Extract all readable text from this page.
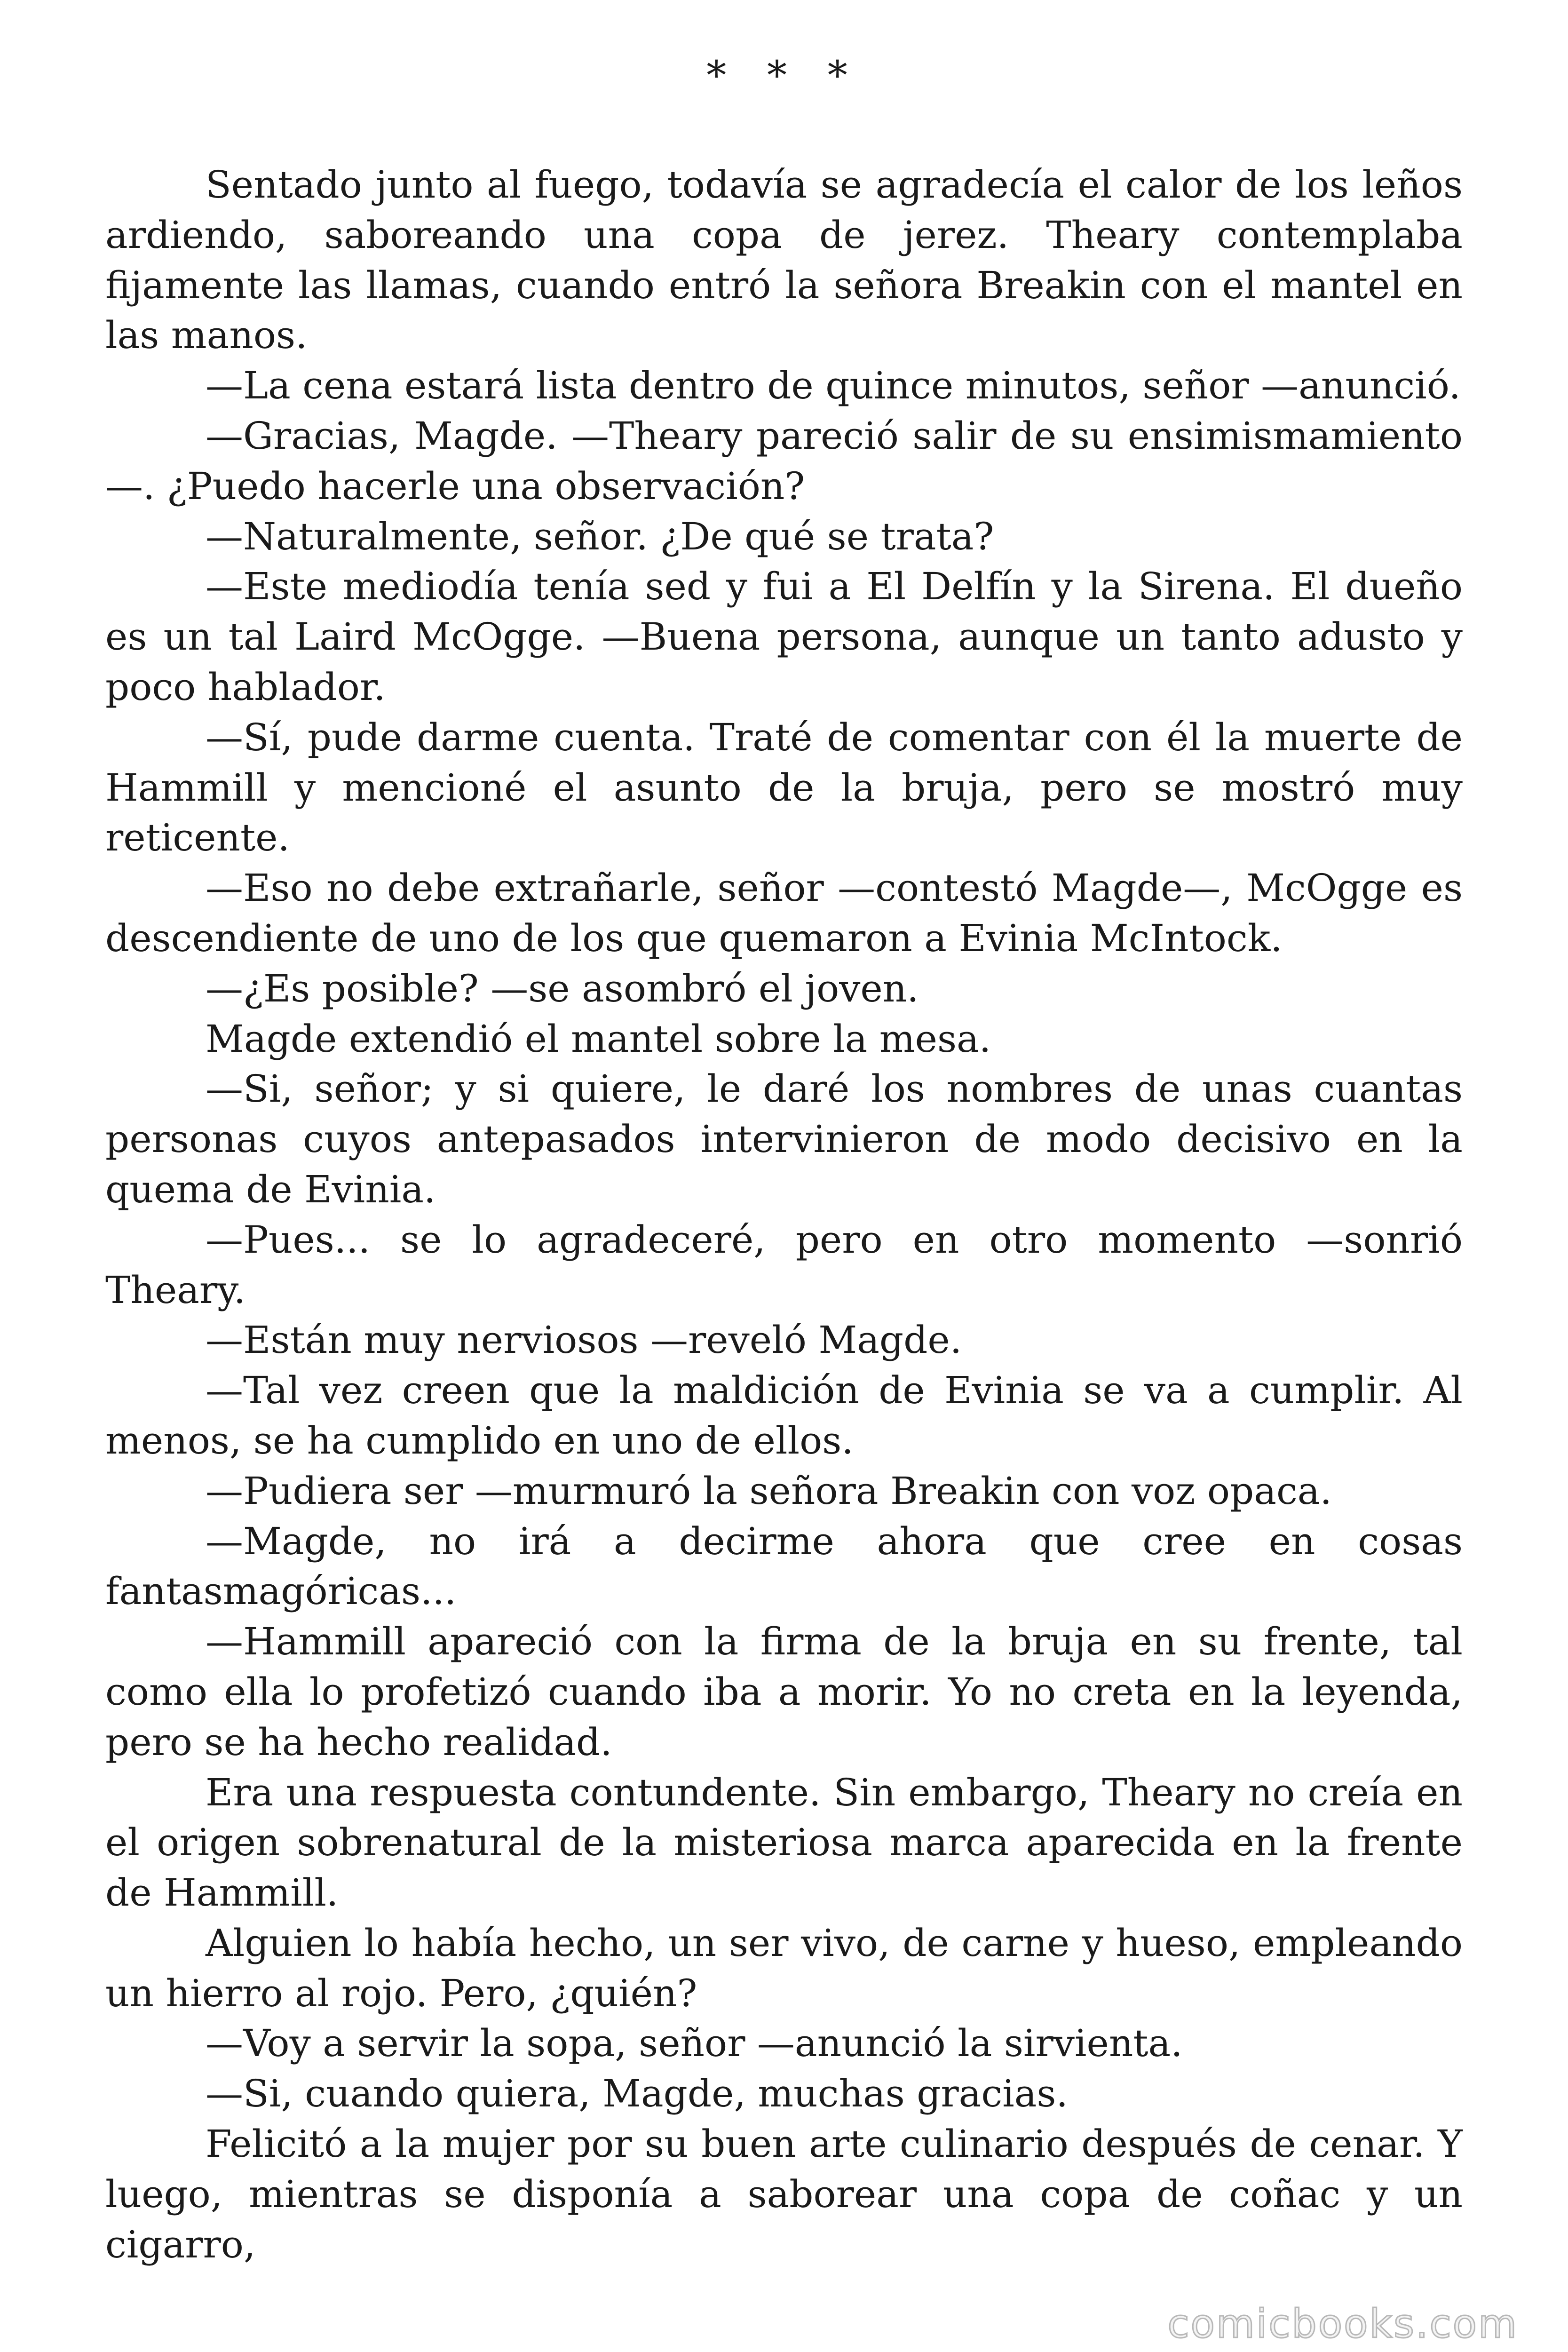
* * *

Sentado junto al fuego, todavía se agradecía el calor de los leños ardiendo, saboreando una copa de jerez. Theary contemplaba fijamente las llamas, cuando entró la señora Breakin con el mantel en las manos.

—La cena estará lista dentro de quince minutos, señor —anunció.

—Gracias, Magde. —Theary pareció salir de su ensimismamiento —. ¿Puedo hacerle una observación?

—Naturalmente, señor. ¿De qué se trata?

—Este mediodía tenía sed y fui a El Delfín y la Sirena. El dueño es un tal Laird McOgge. —Buena persona, aunque un tanto adusto y poco hablador.

—Sí, pude darme cuenta. Traté de comentar con él la muerte de Hammill y mencioné el asunto de la bruja, pero se mostró muy reticente.

—Eso no debe extrañarle, señor —contestó Magde—, McOgge es descendiente de uno de los que quemaron a Evinia McIntock.

—¿Es posible? —se asombró el joven.

Magde extendió el mantel sobre la mesa.

—Si, señor; y si quiere, le daré los nombres de unas cuantas personas cuyos antepasados intervinieron de modo decisivo en la quema de Evinia.

—Pues... se lo agradeceré, pero en otro momento —sonrió Theary.

—Están muy nerviosos —reveló Magde.

—Tal vez creen que la maldición de Evinia se va a cumplir. Al menos, se ha cumplido en uno de ellos.

—Pudiera ser —murmuró la señora Breakin con voz opaca.

—Magde, no irá a decirme ahora que cree en cosas fantasmagóricas...

—Hammill apareció con la firma de la bruja en su frente, tal como ella lo profetizó cuando iba a morir. Yo no creta en la leyenda, pero se ha hecho realidad.

Era una respuesta contundente. Sin embargo, Theary no creía en el origen sobrenatural de la misteriosa marca aparecida en la frente de Hammill.

Alguien lo había hecho, un ser vivo, de carne y hueso, empleando un hierro al rojo. Pero, ¿quién?

—Voy a servir la sopa, señor —anunció la sirvienta.

—Si, cuando quiera, Magde, muchas gracias.

Felicitó a la mujer por su buen arte culinario después de cenar. Y luego, mientras se disponía a saborear una copa de coñac y un cigarro,

comicbooks.com
